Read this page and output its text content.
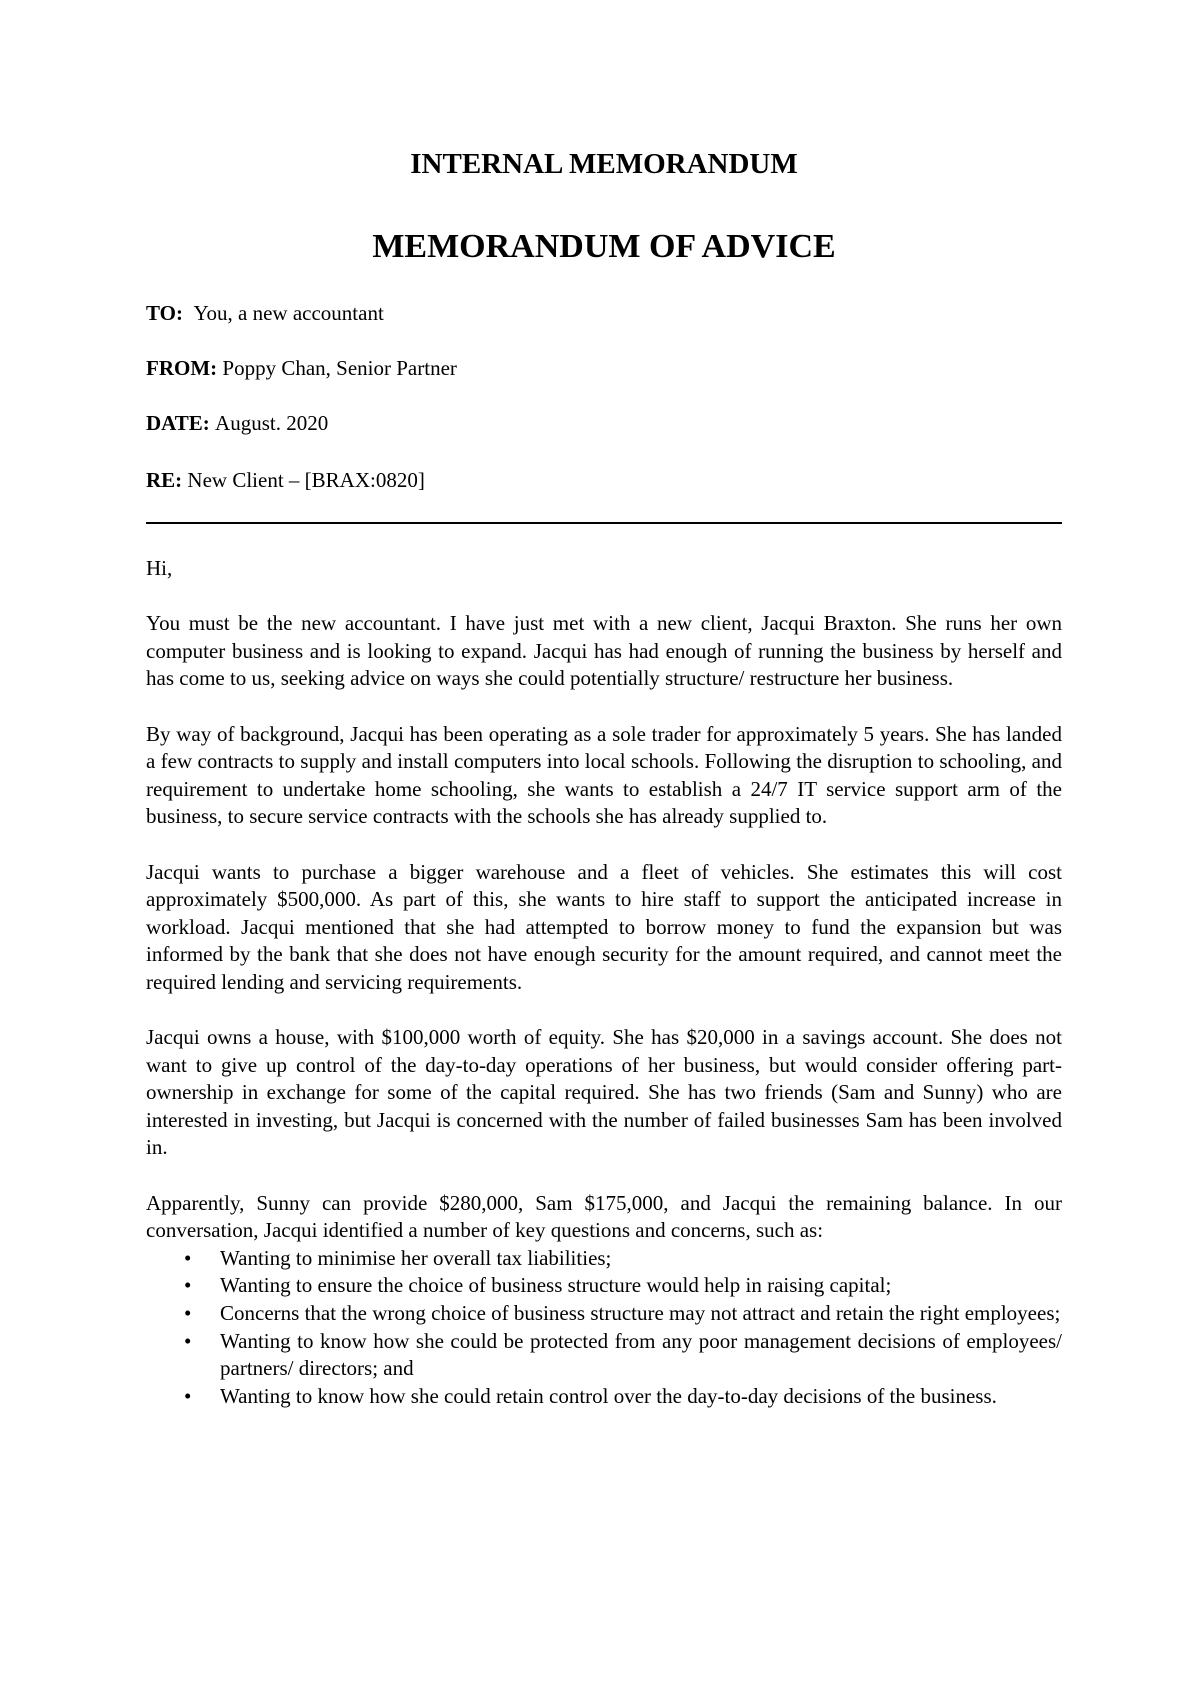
INTERNAL MEMORANDUM
MEMORANDUM OF ADVICE

TO: You, a new accountant

FROM: Poppy Chan, Senior Partner

DATE: August. 2020

RE: New Client – [BRAX:0820]

Hi,

You must be the new accountant. I have just met with a new client, Jacqui Braxton. She runs her own computer business and is looking to expand. Jacqui has had enough of running the business by herself and has come to us, seeking advice on ways she could potentially structure/ restructure her business.

By way of background, Jacqui has been operating as a sole trader for approximately 5 years. She has landed a few contracts to supply and install computers into local schools. Following the disruption to schooling, and requirement to undertake home schooling, she wants to establish a 24/7 IT service support arm of the business, to secure service contracts with the schools she has already supplied to.

Jacqui wants to purchase a bigger warehouse and a fleet of vehicles. She estimates this will cost approximately $500,000. As part of this, she wants to hire staff to support the anticipated increase in workload. Jacqui mentioned that she had attempted to borrow money to fund the expansion but was informed by the bank that she does not have enough security for the amount required, and cannot meet the required lending and servicing requirements.

Jacqui owns a house, with $100,000 worth of equity. She has $20,000 in a savings account. She does not want to give up control of the day-to-day operations of her business, but would consider offering part-ownership in exchange for some of the capital required. She has two friends (Sam and Sunny) who are interested in investing, but Jacqui is concerned with the number of failed businesses Sam has been involved in.

Apparently, Sunny can provide $280,000, Sam $175,000, and Jacqui the remaining balance. In our conversation, Jacqui identified a number of key questions and concerns, such as:

• Wanting to minimise her overall tax liabilities;
• Wanting to ensure the choice of business structure would help in raising capital;
• Concerns that the wrong choice of business structure may not attract and retain the right employees;
• Wanting to know how she could be protected from any poor management decisions of employees/ partners/ directors; and
• Wanting to know how she could retain control over the day-to-day decisions of the business.
